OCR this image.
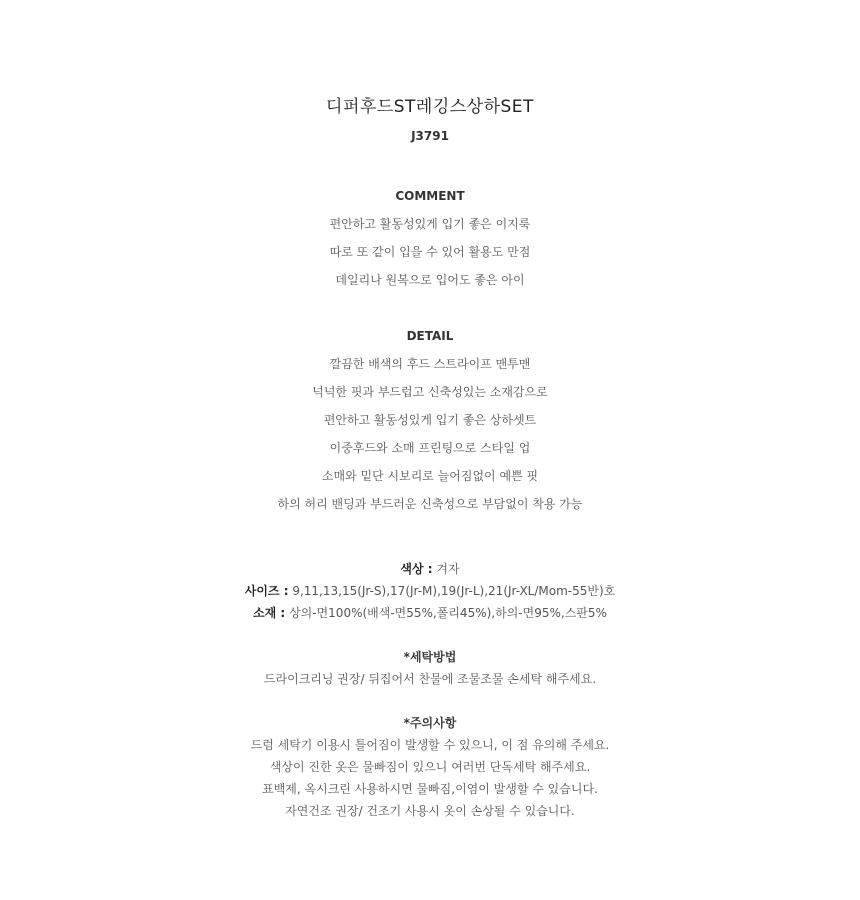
디퍼후드ST레깅스상하SET
J3791
COMMENT
편안하고 활동성있게 입기 좋은 이지룩
따로 또 같이 입을 수 있어 활용도 만점
데일리나 원복으로 입어도 좋은 아이
DETAIL
깔끔한 배색의 후드 스트라이프 맨투맨
넉넉한 핏과 부드럽고 신축성있는 소재감으로
편안하고 활동성있게 입기 좋은 상하셋트
이중후드와 소매 프린팅으로 스타일 업
소매와 밑단 시보리로 늘어짐없이 예쁜 핏
하의 허리 밴딩과 부드러운 신축성으로 부담없이 착용 가능
색상 : 겨자
사이즈 : 9,11,13,15(Jr-S),17(Jr-M),19(Jr-L),21(Jr-XL/Mom-55반)호
소재 : 상의-면100%(배색-면55%,폴리45%),하의-면95%,스판5%
*세탁방법
드라이크리닝 권장/ 뒤집어서 찬물에 조물조물 손세탁 해주세요.
*주의사항
드럼 세탁기 이용시 틀어짐이 발생할 수 있으니, 이 점 유의해 주세요.
색상이 진한 옷은 물빠짐이 있으니 여러번 단독세탁 해주세요.
표백제, 옥시크린 사용하시면 물빠짐,이염이 발생할 수 있습니다.
자연건조 권장/ 건조기 사용시 옷이 손상될 수 있습니다.
